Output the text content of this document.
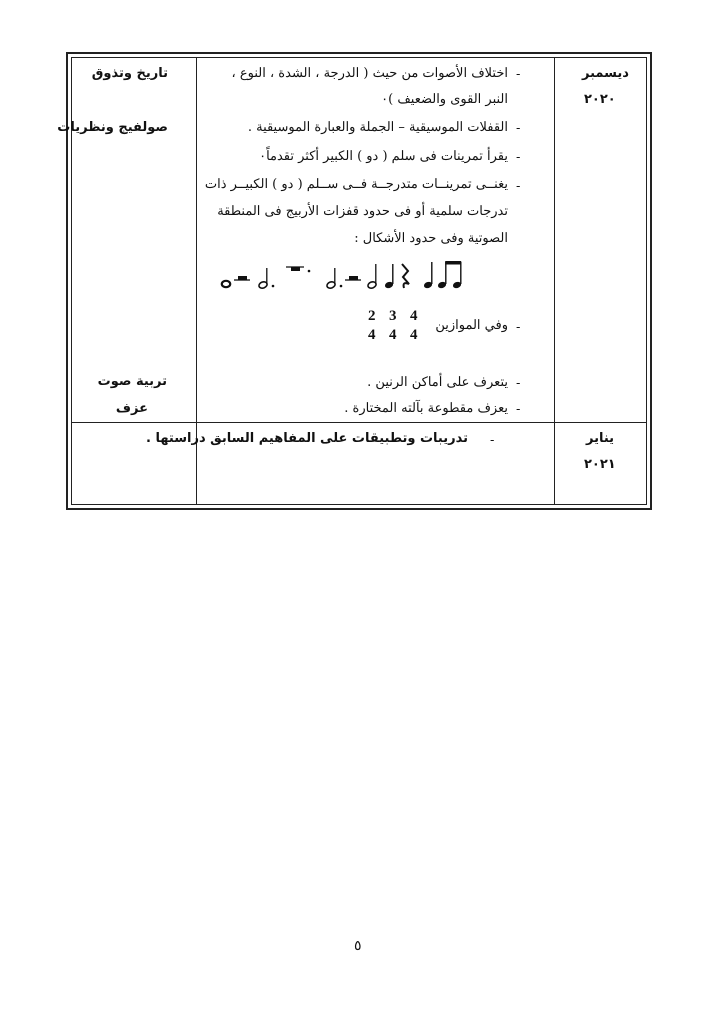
ديسمبر
٢٠٢٠
-
اختلاف الأصوات من حيث ( الدرجة ، الشدة ، النوع ،
النبر القوى والضعيف )٠
-
القفلات الموسيقية – الجملة والعبارة الموسيقية .
-
يقرأ تمرينات فى سلم ( دو ) الكبير أكثر تقدماً٠
-
يغنــى تمرينــات متدرجــة فــى ســلم ( دو ) الكبيــر ذات
تدرجات سلمية أو فى حدود قفزات الأربيج فى المنطقة
الصوتية وفى حدود الأشكال :
-
وفي الموازين
4
4
3
4
2
4
-
يتعرف على أماكن الرنين .
-
يعزف مقطوعة بآلته المختارة .
تاريخ وتذوق
صولفيج ونظريات
تربية صوت
عزف
يناير
٢٠٢١
-
تدريبات وتطبيقات على المفاهيم السابق دراستها .
٥
